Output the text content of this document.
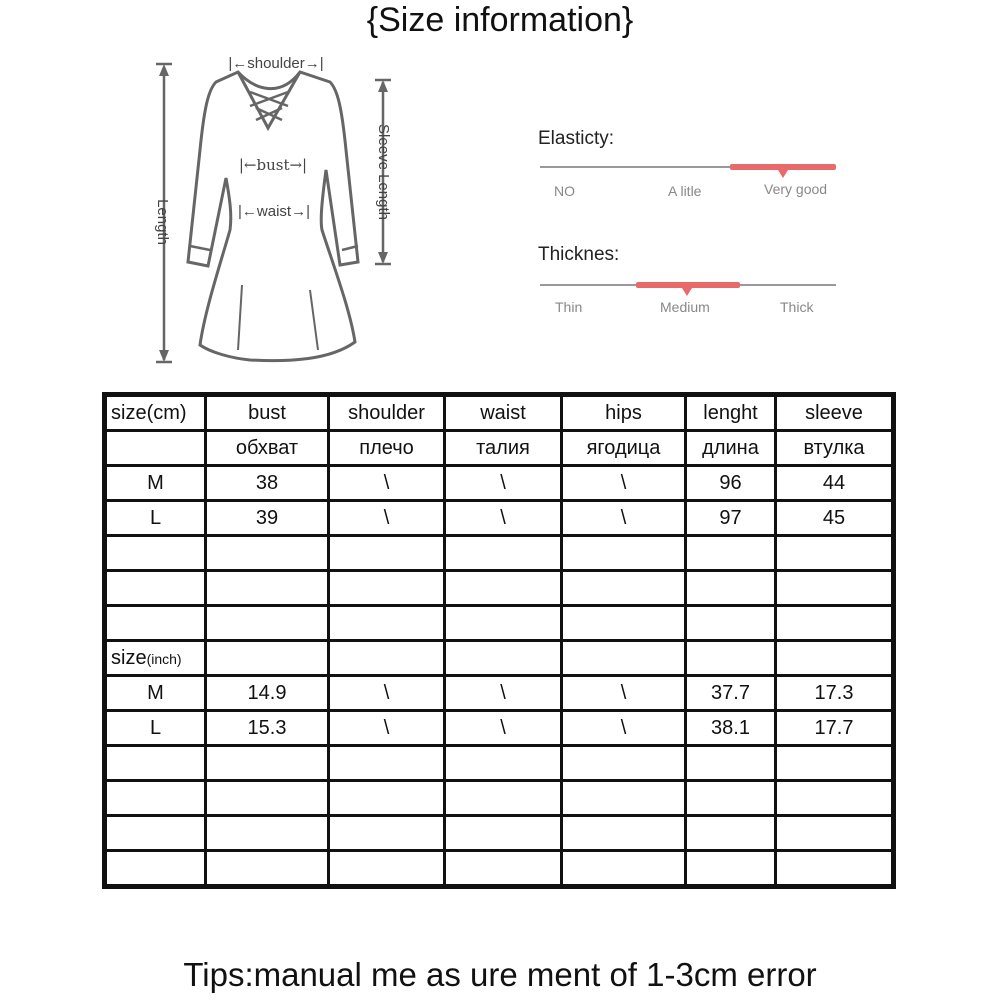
{Size information}
Length
Sleeve Length
|←shoulder→|
|←bust→|
|←waist→|
Elasticty:
NO	A litle	Very good
Thicknes:
Thin	Medium	Thick
size(cm)	bust	shoulder	waist	hips	lenght	sleeve
	обхват	плечо	талия	ягодица	длина	втулка
M	38	\	\	\	96	44
L	39	\	\	\	97	45

size(inch)						
M	14.9	\	\	\	37.7	17.3
L	15.3	\	\	\	38.1	17.7

Tips:manual me as ure ment of 1-3cm error
